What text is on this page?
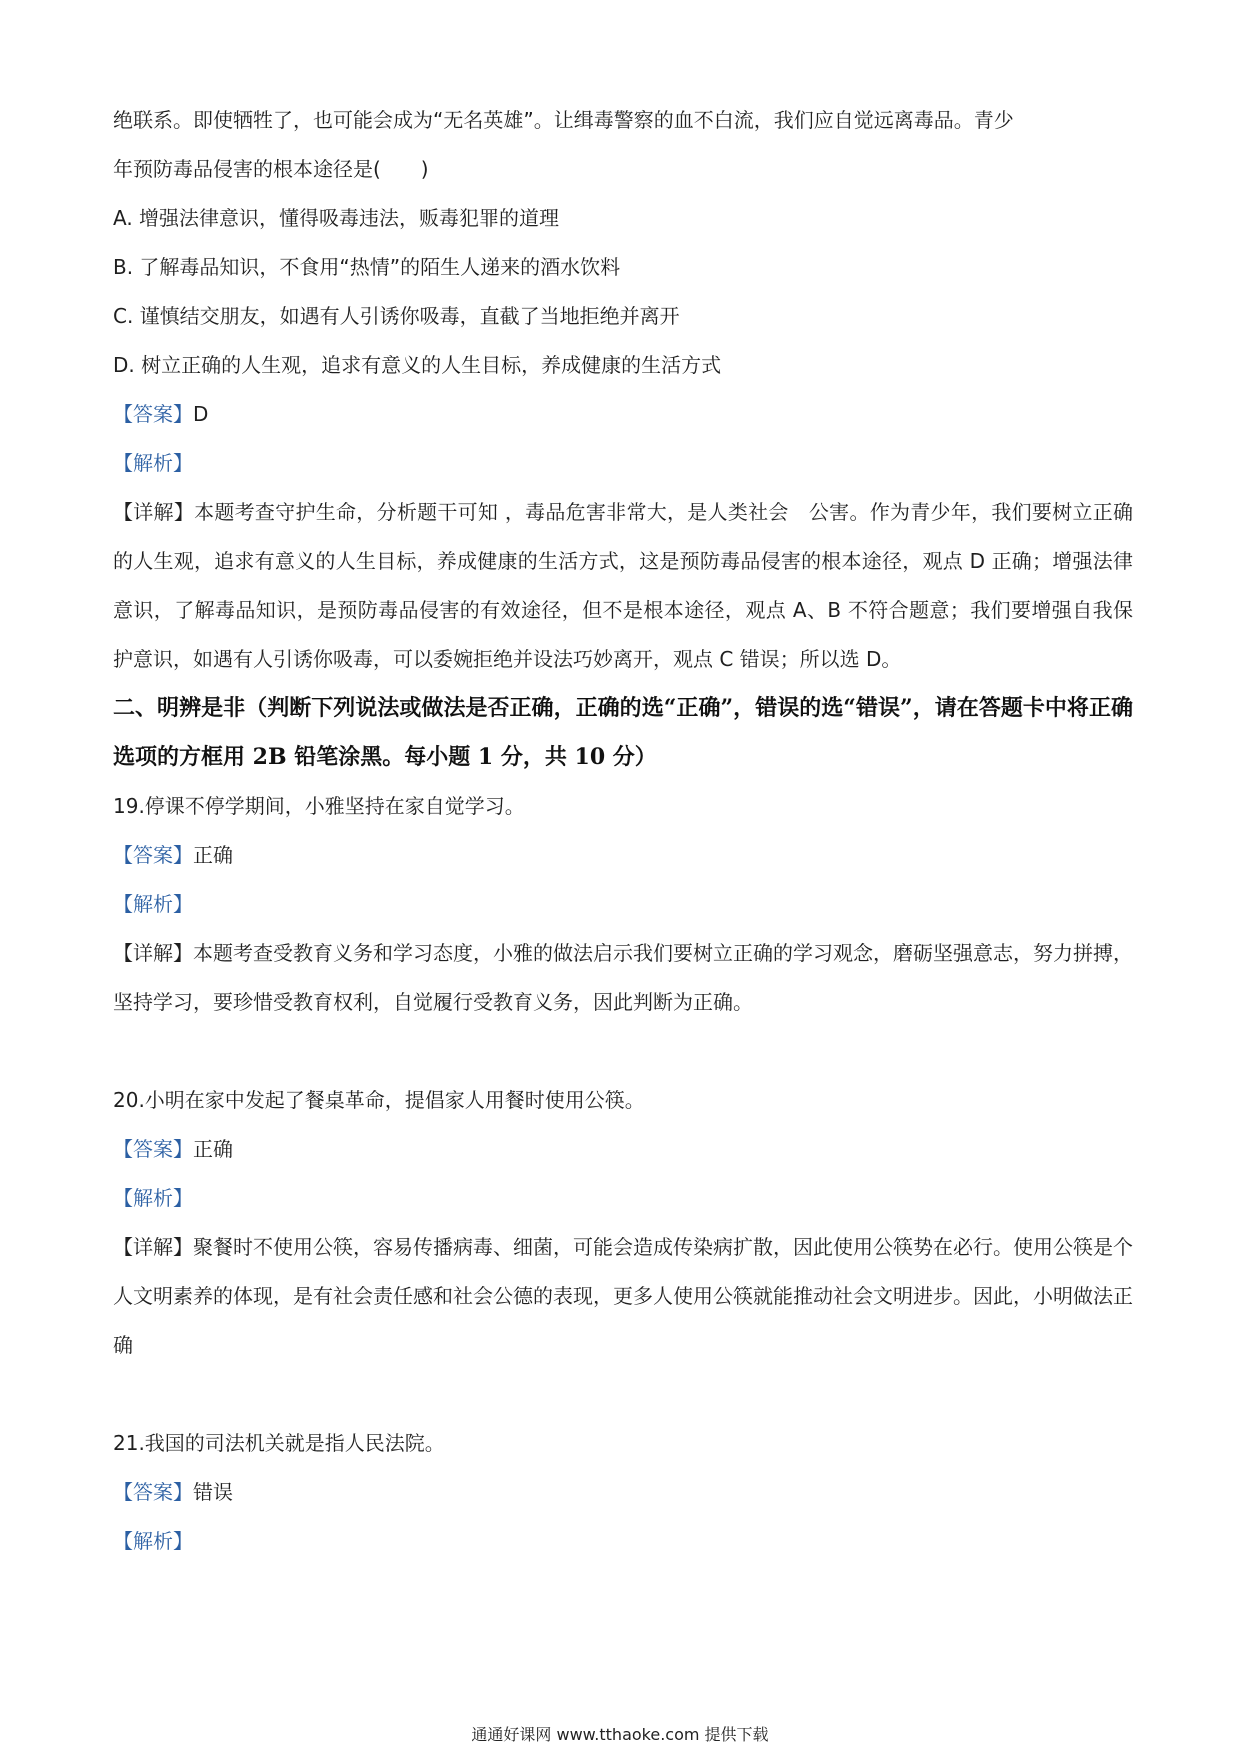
绝联系。即使牺牲了，也可能会成为“无名英雄”。让缉毒警察的血不白流，我们应自觉远离毒品。青少
年预防毒品侵害的根本途径是(　　)
A. 增强法律意识，懂得吸毒违法，贩毒犯罪的道理
B. 了解毒品知识，不食用“热情”的陌生人递来的酒水饮料
C. 谨慎结交朋友，如遇有人引诱你吸毒，直截了当地拒绝并离开
D. 树立正确的人生观，追求有意义的人生目标，养成健康的生活方式
【答案】D
【解析】
【详解】本题考查守护生命，分析题干可知 ，毒品危害非常大，是人类社会　公害。作为青少年，我们要树立正确的人生观，追求有意义的人生目标，养成健康的生活方式，这是预防毒品侵害的根本途径，观点 D 正确；增强法律意识，了解毒品知识，是预防毒品侵害的有效途径，但不是根本途径，观点 A、B 不符合题意；我们要增强自我保护意识，如遇有人引诱你吸毒，可以委婉拒绝并设法巧妙离开，观点 C 错误；所以选 D。
二、明辨是非（判断下列说法或做法是否正确，正确的选“正确”，错误的选“错误”，请在答题卡中将正确选项的方框用 2B 铅笔涂黑。每小题 1 分，共 10 分）
19.停课不停学期间，小雅坚持在家自觉学习。
【答案】正确
【解析】
【详解】本题考查受教育义务和学习态度，小雅的做法启示我们要树立正确的学习观念，磨砺坚强意志，努力拼搏，坚持学习，要珍惜受教育权利，自觉履行受教育义务，因此判断为正确。
20.小明在家中发起了餐桌革命，提倡家人用餐时使用公筷。
【答案】正确
【解析】
【详解】聚餐时不使用公筷，容易传播病毒、细菌，可能会造成传染病扩散，因此使用公筷势在必行。使用公筷是个人文明素养的体现，是有社会责任感和社会公德的表现，更多人使用公筷就能推动社会文明进步。因此，小明做法正确
21.我国的司法机关就是指人民法院。
【答案】错误
【解析】
通通好课网 www.tthaoke.com 提供下载
